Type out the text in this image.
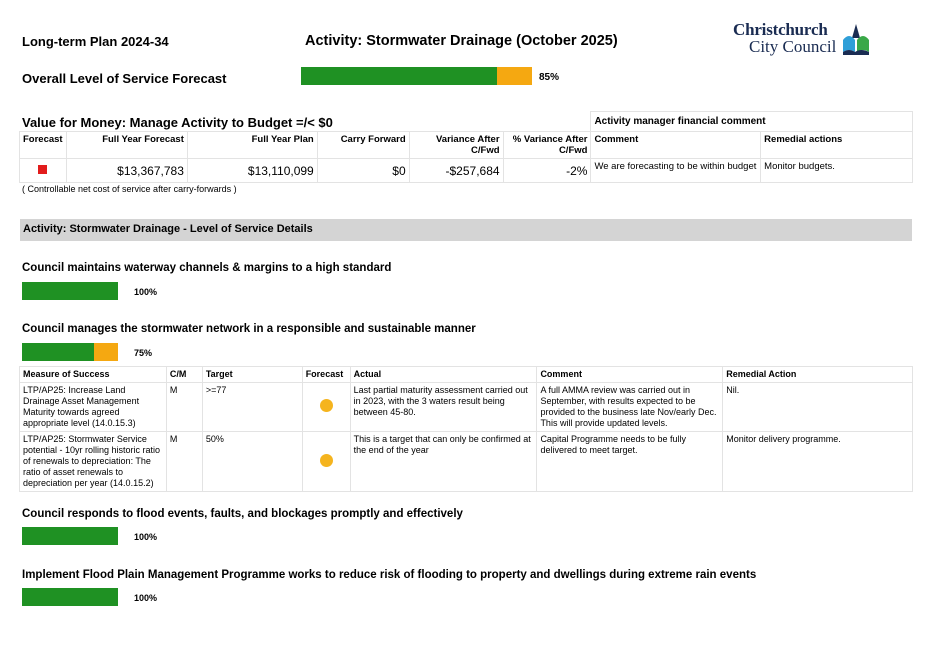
Long-term Plan 2024-34	Activity: Stormwater Drainage (October 2025)
Christchurch
City Council
Overall Level of Service Forecast	85%
Value for Money: Manage Activity to Budget =/< $0
						Activity manager financial comment	
Forecast	Full Year Forecast	Full Year Plan	Carry Forward	Variance After C/Fwd	% Variance After C/Fwd	Comment	Remedial actions
	$13,367,783	$13,110,099	$0	-$257,684	-2%	We are forecasting to be within budget	Monitor budgets.
( Controllable net cost of service after carry-forwards )
Activity: Stormwater Drainage - Level of Service Details
Council maintains waterway channels & margins to a high standard
100%
Council manages the stormwater network in a responsible and sustainable manner
75%
Measure of Success	C/M	Target	Forecast	Actual	Comment	Remedial Action
LTP/AP25: Increase Land Drainage Asset Management Maturity towards agreed appropriate level (14.0.15.3)	M	>=77		Last partial maturity assessment carried out in 2023, with the 3 waters result being between 45-80.	A full AMMA review was carried out in September, with results expected to be provided to the business late Nov/early Dec. This will provide updated levels.	Nil.
LTP/AP25: Stormwater Service potential - 10yr rolling historic ratio of renewals to depreciation: The ratio of asset renewals to depreciation per year (14.0.15.2)	M	50%		This is a target that can only be confirmed at the end of the year	Capital Programme needs to be fully delivered to meet target.	Monitor delivery programme.
Council responds to flood events, faults, and blockages promptly and effectively
100%
Implement Flood Plain Management Programme works to reduce risk of flooding to property and dwellings during extreme rain events
100%
